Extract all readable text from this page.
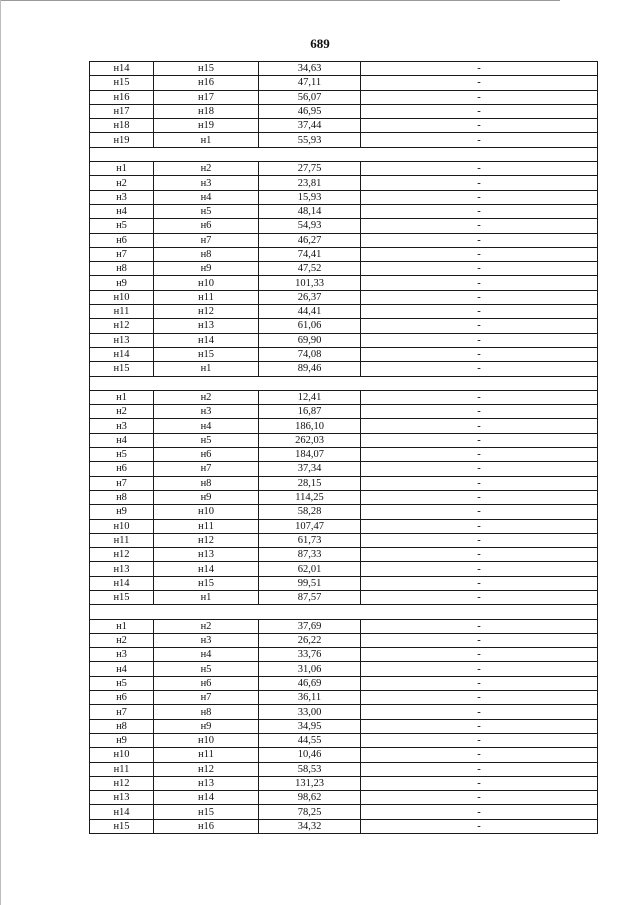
689
н14	н15	34,63	-
н15	н16	47,11	-
н16	н17	56,07	-
н17	н18	46,95	-
н18	н19	37,44	-
н19	н1	55,93	-

н1	н2	27,75	-
н2	н3	23,81	-
н3	н4	15,93	-
н4	н5	48,14	-
н5	н6	54,93	-
н6	н7	46,27	-
н7	н8	74,41	-
н8	н9	47,52	-
н9	н10	101,33	-
н10	н11	26,37	-
н11	н12	44,41	-
н12	н13	61,06	-
н13	н14	69,90	-
н14	н15	74,08	-
н15	н1	89,46	-

н1	н2	12,41	-
н2	н3	16,87	-
н3	н4	186,10	-
н4	н5	262,03	-
н5	н6	184,07	-
н6	н7	37,34	-
н7	н8	28,15	-
н8	н9	114,25	-
н9	н10	58,28	-
н10	н11	107,47	-
н11	н12	61,73	-
н12	н13	87,33	-
н13	н14	62,01	-
н14	н15	99,51	-
н15	н1	87,57	-

н1	н2	37,69	-
н2	н3	26,22	-
н3	н4	33,76	-
н4	н5	31,06	-
н5	н6	46,69	-
н6	н7	36,11	-
н7	н8	33,00	-
н8	н9	34,95	-
н9	н10	44,55	-
н10	н11	10,46	-
н11	н12	58,53	-
н12	н13	131,23	-
н13	н14	98,62	-
н14	н15	78,25	-
н15	н16	34,32	-
